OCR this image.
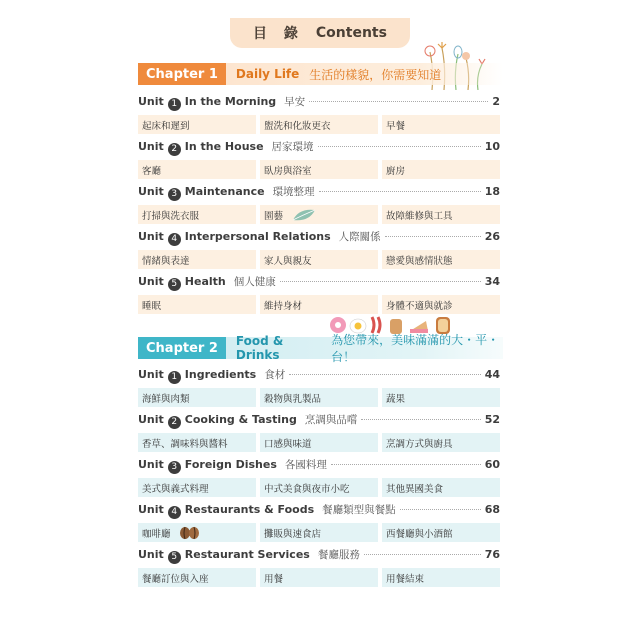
目 錄 Contents
Chapter 1	Daily Life 生活的樣貌，你需要知道
Unit 1 In the Morning 早安	2
起床和遲到	盥洗和化妝更衣	早餐
Unit 2 In the House 居家環境	10
客廳	臥房與浴室	廚房
Unit 3 Maintenance 環境整理	18
打掃與洗衣服	園藝	故障維修與工具
Unit 4 Interpersonal Relations 人際關係	26
情緒與表達	家人與親友	戀愛與感情狀態
Unit 5 Health 個人健康	34
睡眠	維持身材	身體不適與就診
Chapter 2	Food & Drinks
為您帶來，美味滿滿的大・平・台！
Unit 1 Ingredients 食材	44
海鮮與肉類	穀物與乳製品	蔬果
Unit 2 Cooking & Tasting 烹調與品嚐	52
香草、調味料與醬料	口感與味道	烹調方式與廚具
Unit 3 Foreign Dishes 各國料理	60
美式與義式料理	中式美食與夜市小吃	其他異國美食
Unit 4 Restaurants & Foods 餐廳類型與餐點	68
咖啡廳	攤販與速食店	西餐廳與小酒館
Unit 5 Restaurant Services 餐廳服務	76
餐廳訂位與入座	用餐	用餐結束
